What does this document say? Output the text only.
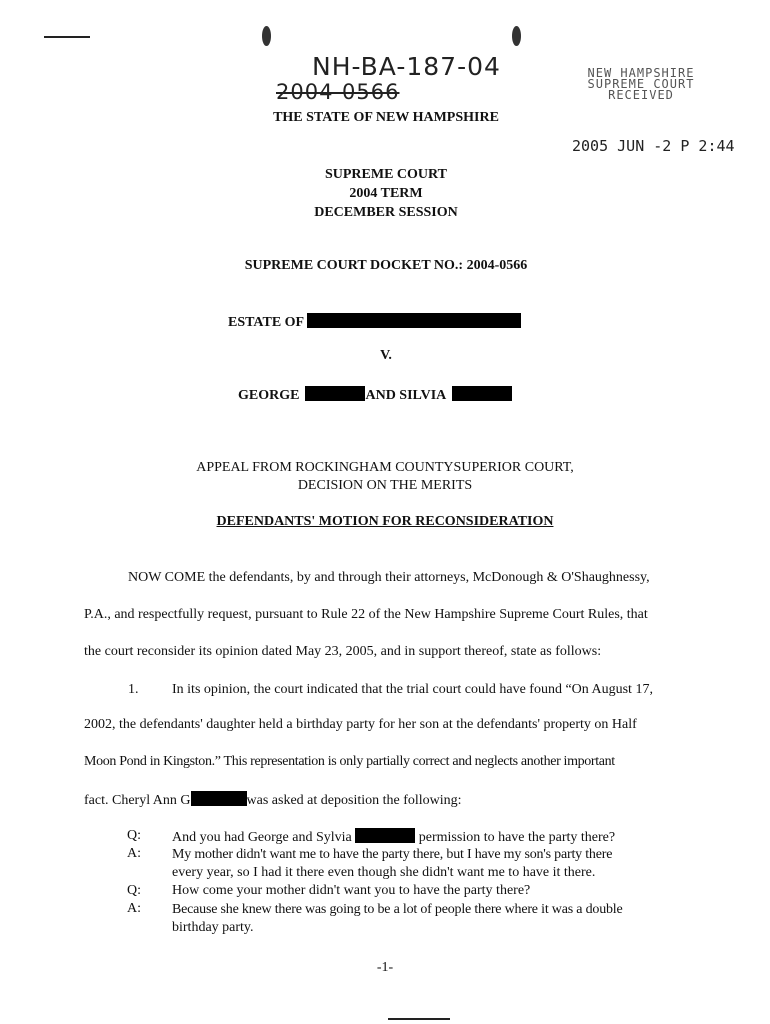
NH-BA-187-04
2004-0566
NEW HAMPSHIRE
SUPREME COURT
RECEIVED
2005 JUN -2 P 2:44
THE STATE OF NEW HAMPSHIRE
SUPREME COURT
2004 TERM
DECEMBER SESSION
SUPREME COURT DOCKET NO.: 2004-0566
ESTATE OF
V.
GEORGE	AND SILVIA
APPEAL FROM ROCKINGHAM COUNTYSUPERIOR COURT,
DECISION ON THE MERITS
DEFENDANTS' MOTION FOR RECONSIDERATION
NOW COME the defendants, by and through their attorneys, McDonough & O'Shaughnessy,
P.A., and respectfully request, pursuant to Rule 22 of the New Hampshire Supreme Court Rules, that
the court reconsider its opinion dated May 23, 2005, and in support thereof, state as follows:
1. In its opinion, the court indicated that the trial court could have found “On August 17,
2002, the defendants' daughter held a birthday party for her son at the defendants' property on Half
Moon Pond in Kingston.” This representation is only partially correct and neglects another important
fact. Cheryl Ann G	was asked at deposition the following:
Q: And you had George and Sylvia	permission to have the party there?
A: My mother didn't want me to have the party there, but I have my son's party there
every year, so I had it there even though she didn't want me to have it there.
Q: How come your mother didn't want you to have the party there?
A: Because she knew there was going to be a lot of people there where it was a double
birthday party.
-1-
